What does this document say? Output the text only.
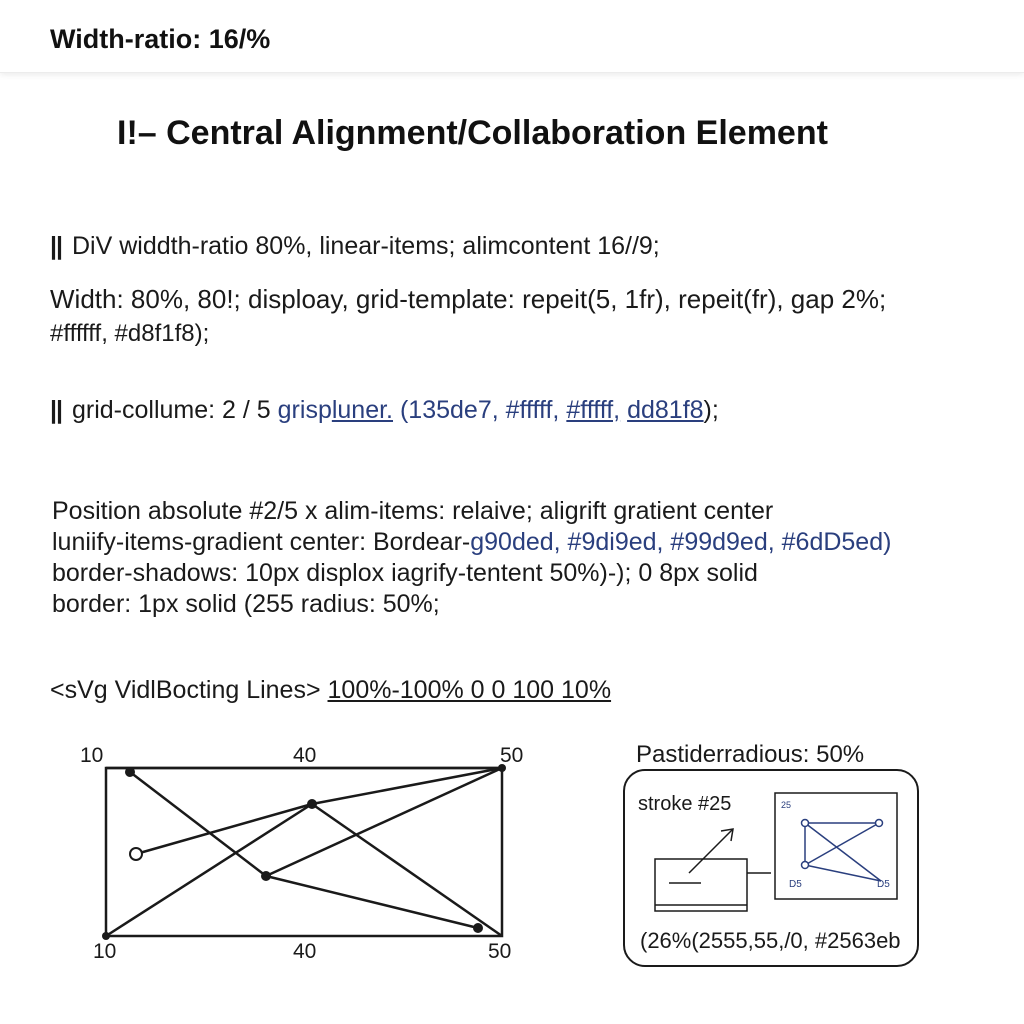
Width-ratio: 16/%
I!– Central Alignment/Collaboration Element
|| DiV widdth-ratio 80%, linear-items; alimcontent 16//9;
Width: 80%, 80!; disploay, grid-template: repeit(5, 1fr), repeit(fr), gap 2%;
#ffffff, #d8f1f8);
|| grid-collume: 2 / 5 grispluner. (135de7, #fffff, #fffff, dd81f8);
Position absolute #2/5 x alim-items: relaive; aligrift gratient center
luniify-items-gradient center: Bordear-g90ded, #9di9ed, #99d9ed, #6dD5ed)
border-shadows: 10px displox iagrify-tentent 50%)-); 0 8px solid
border: 1px solid (255 radius: 50%;
<sVg VidlBocting Lines> 100%-100% 0 0 100 10%
10	40	50
10	40	50
Pastiderradious: 50%
25
D5	D5
stroke #25
(26%(2555,55,/0, #2563eb
